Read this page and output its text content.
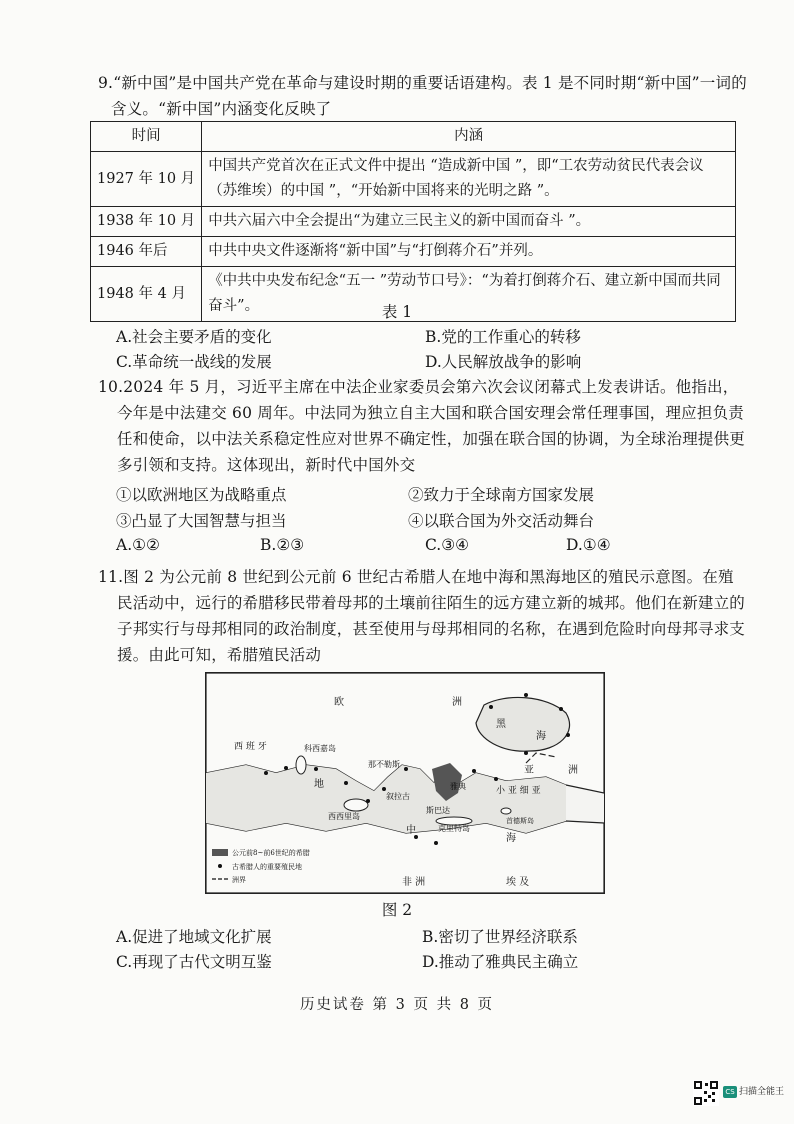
9.“新中国”是中国共产党在革命与建设时期的重要话语建构。表 1 是不同时期“新中国”一词的含义。“新中国”内涵变化反映了
时间	内涵
1927 年 10 月	中国共产党首次在正式文件中提出 “造成新中国 ”，即“工农劳动贫民代表会议（苏维埃）的中国 ”，“开始新中国将来的光明之路 ”。
1938 年 10 月	中共六届六中全会提出“为建立三民主义的新中国而奋斗 ”。
1946 年后	中共中央文件逐渐将“新中国”与“打倒蒋介石”并列。
1948 年 4 月	《中共中央发布纪念“五一 ”劳动节口号》：“为着打倒蒋介石、建立新中国而共同奋斗”。	表 1
A.社会主要矛盾的变化	B.党的工作重心的转移
C.革命统一战线的发展	D.人民解放战争的影响
10.2024 年 5 月，习近平主席在中法企业家委员会第六次会议闭幕式上发表讲话。他指出，今年是中法建交 60 周年。中法同为独立自主大国和联合国安理会常任理事国，理应担负责任和使命，以中法关系稳定性应对世界不确定性，加强在联合国的协调，为全球治理提供更多引领和支持。这体现出，新时代中国外交
①以欧洲地区为战略重点	②致力于全球南方国家发展
③凸显了大国智慧与担当	④以联合国为外交活动舞台
A.①②	B.②③	C.③④	D.①④
11.图 2 为公元前 8 世纪到公元前 6 世纪古希腊人在地中海和黑海地区的殖民示意图。在殖民活动中，远行的希腊移民带着母邦的土壤前往陌生的远方建立新的城邦。他们在新建立的子邦实行与母邦相同的政治制度，甚至使用与母邦相同的名称，在遇到危险时向母邦寻求支援。由此可知，希腊殖民活动
欧	洲
西 班 牙	科西嘉岛
那不勒斯
叙拉古
西西里岛
雅典
斯巴达
克里特岛
首德斯岛
黑
海
亚	洲
小 亚 细 亚
地
中
海
非 洲	埃 及
公元前8~前6世纪的希腊
古希腊人的重要殖民地
洲界
图 2
A.促进了地域文化扩展	B.密切了世界经济联系
C.再现了古代文明互鉴	D.推动了雅典民主确立
历史试卷 第 3 页 共 8 页
CS 扫描全能王
